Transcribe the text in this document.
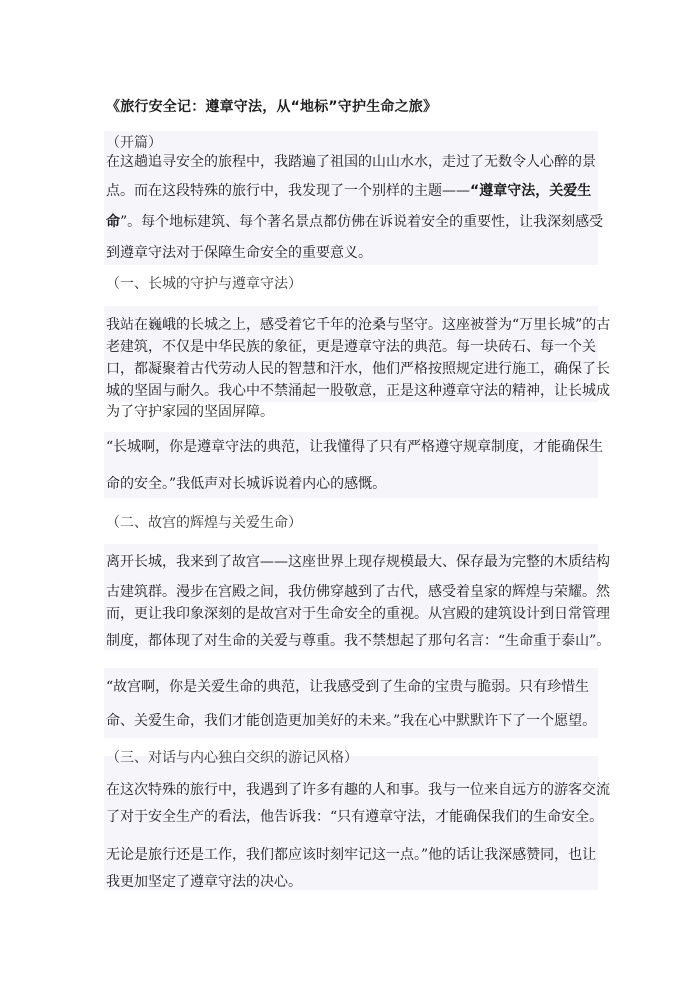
《旅行安全记：遵章守法，从“地标”守护生命之旅》
（开篇）
在这趟追寻安全的旅程中，我踏遍了祖国的山山水水，走过了无数令人心醉的景
点。而在这段特殊的旅行中，我发现了一个别样的主题——“遵章守法，关爱生
命”。每个地标建筑、每个著名景点都仿佛在诉说着安全的重要性，让我深刻感受
到遵章守法对于保障生命安全的重要意义。
（一、长城的守护与遵章守法）
我站在巍峨的长城之上，感受着它千年的沧桑与坚守。这座被誉为“万里长城”的古
老建筑，不仅是中华民族的象征，更是遵章守法的典范。每一块砖石、每一个关
口，都凝聚着古代劳动人民的智慧和汗水，他们严格按照规定进行施工，确保了长
城的坚固与耐久。我心中不禁涌起一股敬意，正是这种遵章守法的精神，让长城成
为了守护家园的坚固屏障。
“长城啊，你是遵章守法的典范，让我懂得了只有严格遵守规章制度，才能确保生
命的安全。”我低声对长城诉说着内心的感慨。
（二、故宫的辉煌与关爱生命）
离开长城，我来到了故宫——这座世界上现存规模最大、保存最为完整的木质结构
古建筑群。漫步在宫殿之间，我仿佛穿越到了古代，感受着皇家的辉煌与荣耀。然
而，更让我印象深刻的是故宫对于生命安全的重视。从宫殿的建筑设计到日常管理
制度，都体现了对生命的关爱与尊重。我不禁想起了那句名言：“生命重于泰山”。
“故宫啊，你是关爱生命的典范，让我感受到了生命的宝贵与脆弱。只有珍惜生
命、关爱生命，我们才能创造更加美好的未来。”我在心中默默许下了一个愿望。
（三、对话与内心独白交织的游记风格）
在这次特殊的旅行中，我遇到了许多有趣的人和事。我与一位来自远方的游客交流
了对于安全生产的看法，他告诉我：“只有遵章守法，才能确保我们的生命安全。
无论是旅行还是工作，我们都应该时刻牢记这一点。”他的话让我深感赞同，也让
我更加坚定了遵章守法的决心。
